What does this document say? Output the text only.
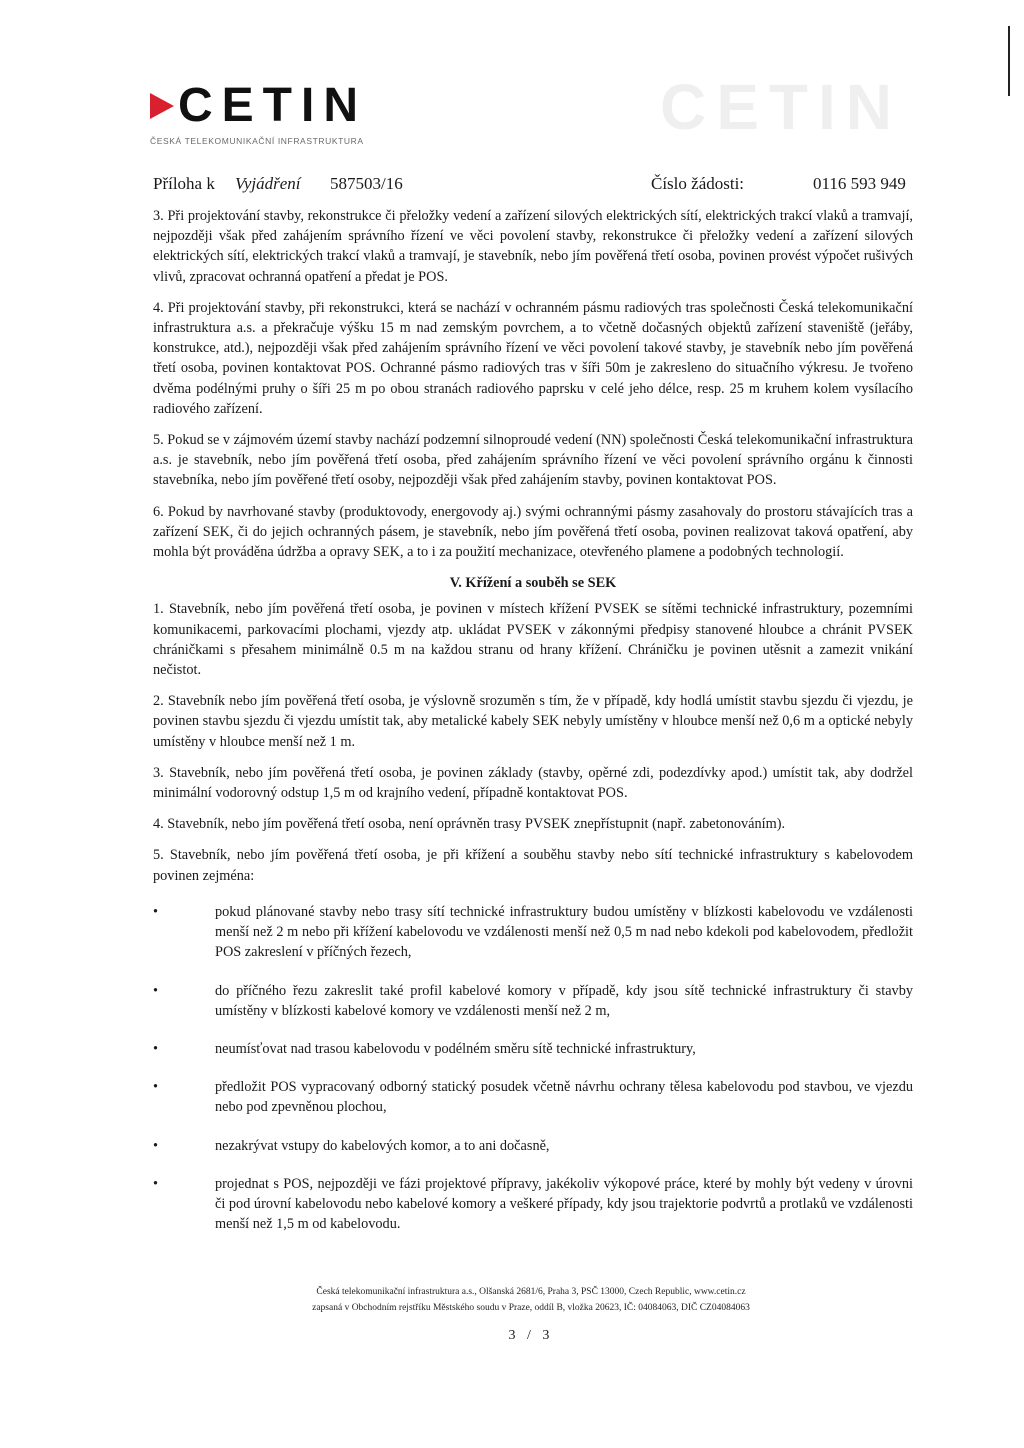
CETIN
CETIN
ČESKÁ TELEKOMUNIKAČNÍ INFRASTRUKTURA
Příloha k Vyjádření 587503/16	Číslo žádosti:	0116 593 949

3. Při projektování stavby, rekonstrukce či přeložky vedení a zařízení silových elektrických sítí, elektrických trakcí vlaků a tramvají, nejpozději však před zahájením správního řízení ve věci povolení stavby, rekonstrukce či přeložky vedení a zařízení silových elektrických sítí, elektrických trakcí vlaků a tramvají, je stavebník, nebo jím pověřená třetí osoba, povinen provést výpočet rušivých vlivů, zpracovat ochranná opatření a předat je POS.

4. Při projektování stavby, při rekonstrukci, která se nachází v ochranném pásmu radiových tras společnosti Česká telekomunikační infrastruktura a.s. a překračuje výšku 15 m nad zemským povrchem, a to včetně dočasných objektů zařízení staveniště (jeřáby, konstrukce, atd.), nejpozději však před zahájením správního řízení ve věci povolení takové stavby, je stavebník nebo jím pověřená třetí osoba, povinen kontaktovat POS. Ochranné pásmo radiových tras v šíři 50m je zakresleno do situačního výkresu. Je tvořeno dvěma podélnými pruhy o šíři 25 m po obou stranách radiového paprsku v celé jeho délce, resp. 25 m kruhem kolem vysílacího radiového zařízení.

5. Pokud se v zájmovém území stavby nachází podzemní silnoproudé vedení (NN) společnosti Česká telekomunikační infrastruktura a.s. je stavebník, nebo jím pověřená třetí osoba, před zahájením správního řízení ve věci povolení správního orgánu k činnosti stavebníka, nebo jím pověřené třetí osoby, nejpozději však před zahájením stavby, povinen kontaktovat POS.

6. Pokud by navrhované stavby (produktovody, energovody aj.) svými ochrannými pásmy zasahovaly do prostoru stávajících tras a zařízení SEK, či do jejich ochranných pásem, je stavebník, nebo jím pověřená třetí osoba, povinen realizovat taková opatření, aby mohla být prováděna údržba a opravy SEK, a to i za použití mechanizace, otevřeného plamene a podobných technologií.

V. Křížení a souběh se SEK

1. Stavebník, nebo jím pověřená třetí osoba, je povinen v místech křížení PVSEK se sítěmi technické infrastruktury, pozemními komunikacemi, parkovacími plochami, vjezdy atp. ukládat PVSEK v zákonnými předpisy stanovené hloubce a chránit PVSEK chráničkami s přesahem minimálně 0.5 m na každou stranu od hrany křížení. Chráničku je povinen utěsnit a zamezit vnikání nečistot.

2. Stavebník nebo jím pověřená třetí osoba, je výslovně srozuměn s tím, že v případě, kdy hodlá umístit stavbu sjezdu či vjezdu, je povinen stavbu sjezdu či vjezdu umístit tak, aby metalické kabely SEK nebyly umístěny v hloubce menší než 0,6 m a optické nebyly umístěny v hloubce menší než 1 m.

3. Stavebník, nebo jím pověřená třetí osoba, je povinen základy (stavby, opěrné zdi, podezdívky apod.) umístit tak, aby dodržel minimální vodorovný odstup 1,5 m od krajního vedení, případně kontaktovat POS.

4. Stavebník, nebo jím pověřená třetí osoba, není oprávněn trasy PVSEK znepřístupnit (např. zabetonováním).

5. Stavebník, nebo jím pověřená třetí osoba, je při křížení a souběhu stavby nebo sítí technické infrastruktury s kabelovodem povinen zejména:

•	pokud plánované stavby nebo trasy sítí technické infrastruktury budou umístěny v blízkosti kabelovodu ve vzdálenosti menší než 2 m nebo při křížení kabelovodu ve vzdálenosti menší než 0,5 m nad nebo kdekoli pod kabelovodem, předložit POS zakreslení v příčných řezech,
•	do příčného řezu zakreslit také profil kabelové komory v případě, kdy jsou sítě technické infrastruktury či stavby umístěny v blízkosti kabelové komory ve vzdálenosti menší než 2 m,
•	neumísťovat nad trasou kabelovodu v podélném směru sítě technické infrastruktury,
•	předložit POS vypracovaný odborný statický posudek včetně návrhu ochrany tělesa kabelovodu pod stavbou, ve vjezdu nebo pod zpevněnou plochou,
•	nezakrývat vstupy do kabelových komor, a to ani dočasně,
•	projednat s POS, nejpozději ve fázi projektové přípravy, jakékoliv výkopové práce, které by mohly být vedeny v úrovni či pod úrovní kabelovodu nebo kabelové komory a veškeré případy, kdy jsou trajektorie podvrtů a protlaků ve vzdálenosti menší než 1,5 m od kabelovodu.
Česká telekomunikační infrastruktura a.s., Olšanská 2681/6, Praha 3, PSČ 13000, Czech Republic, www.cetin.cz
zapsaná v Obchodním rejstříku Městského soudu v Praze, oddíl B, vložka 20623, IČ: 04084063, DIČ CZ04084063
3 / 3
